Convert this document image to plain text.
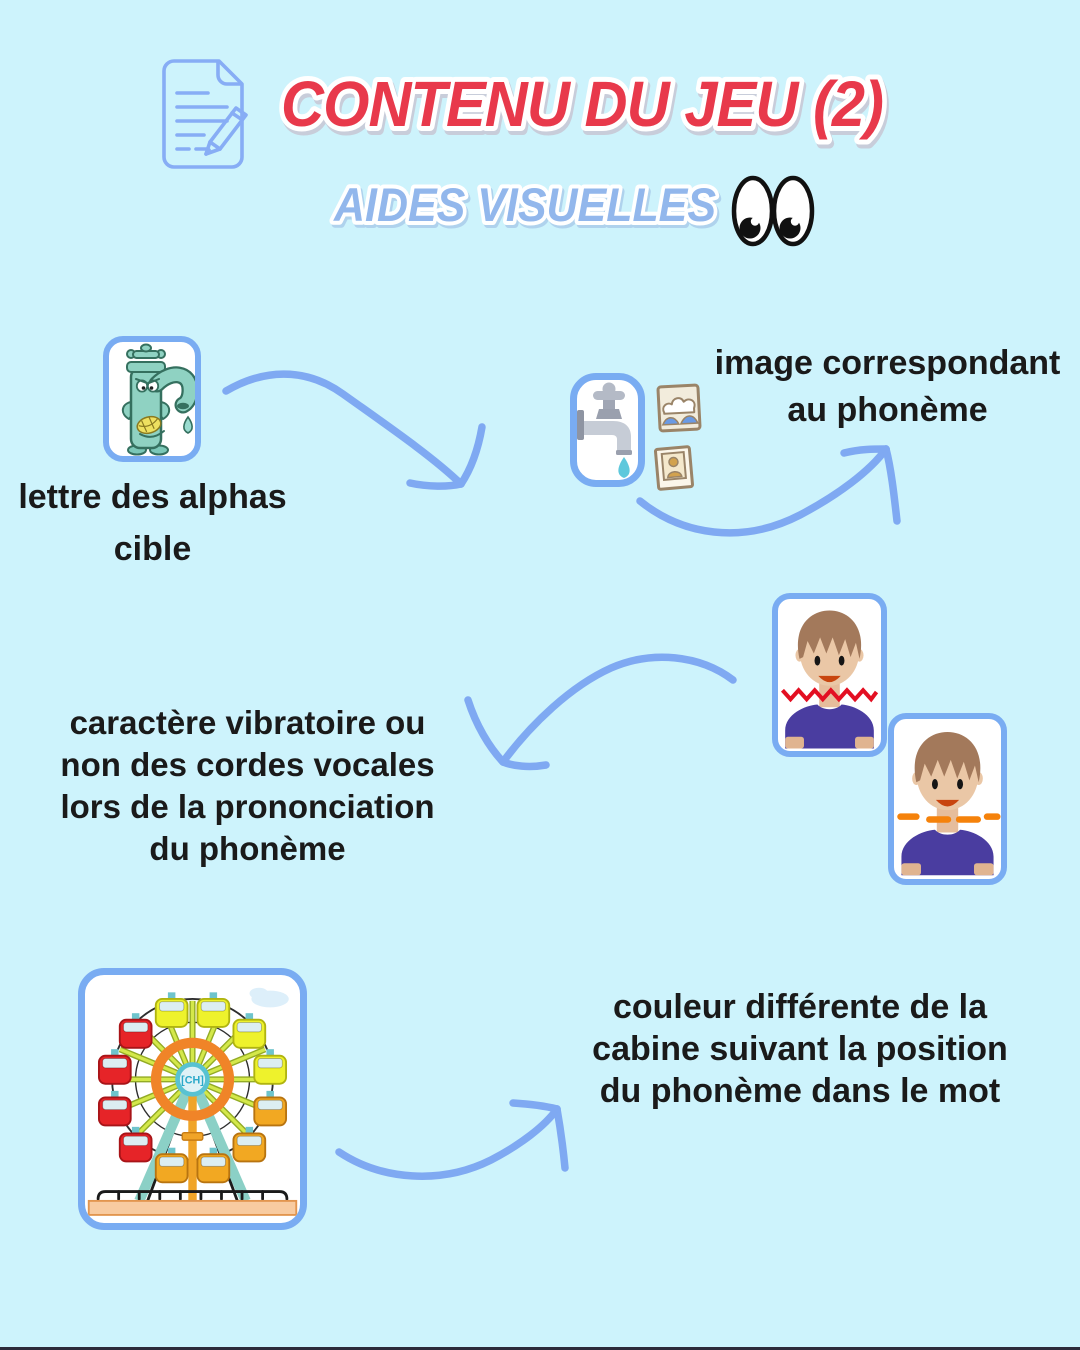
CONTENU DU JEU (2)
AIDES VISUELLES
lettre des alphas
cible
image correspondant
au phonème
caractère vibratoire ou
non des cordes vocales
lors de la prononciation
du phonème
[CH]
couleur différente de la
cabine suivant la position
du phonème dans le mot
